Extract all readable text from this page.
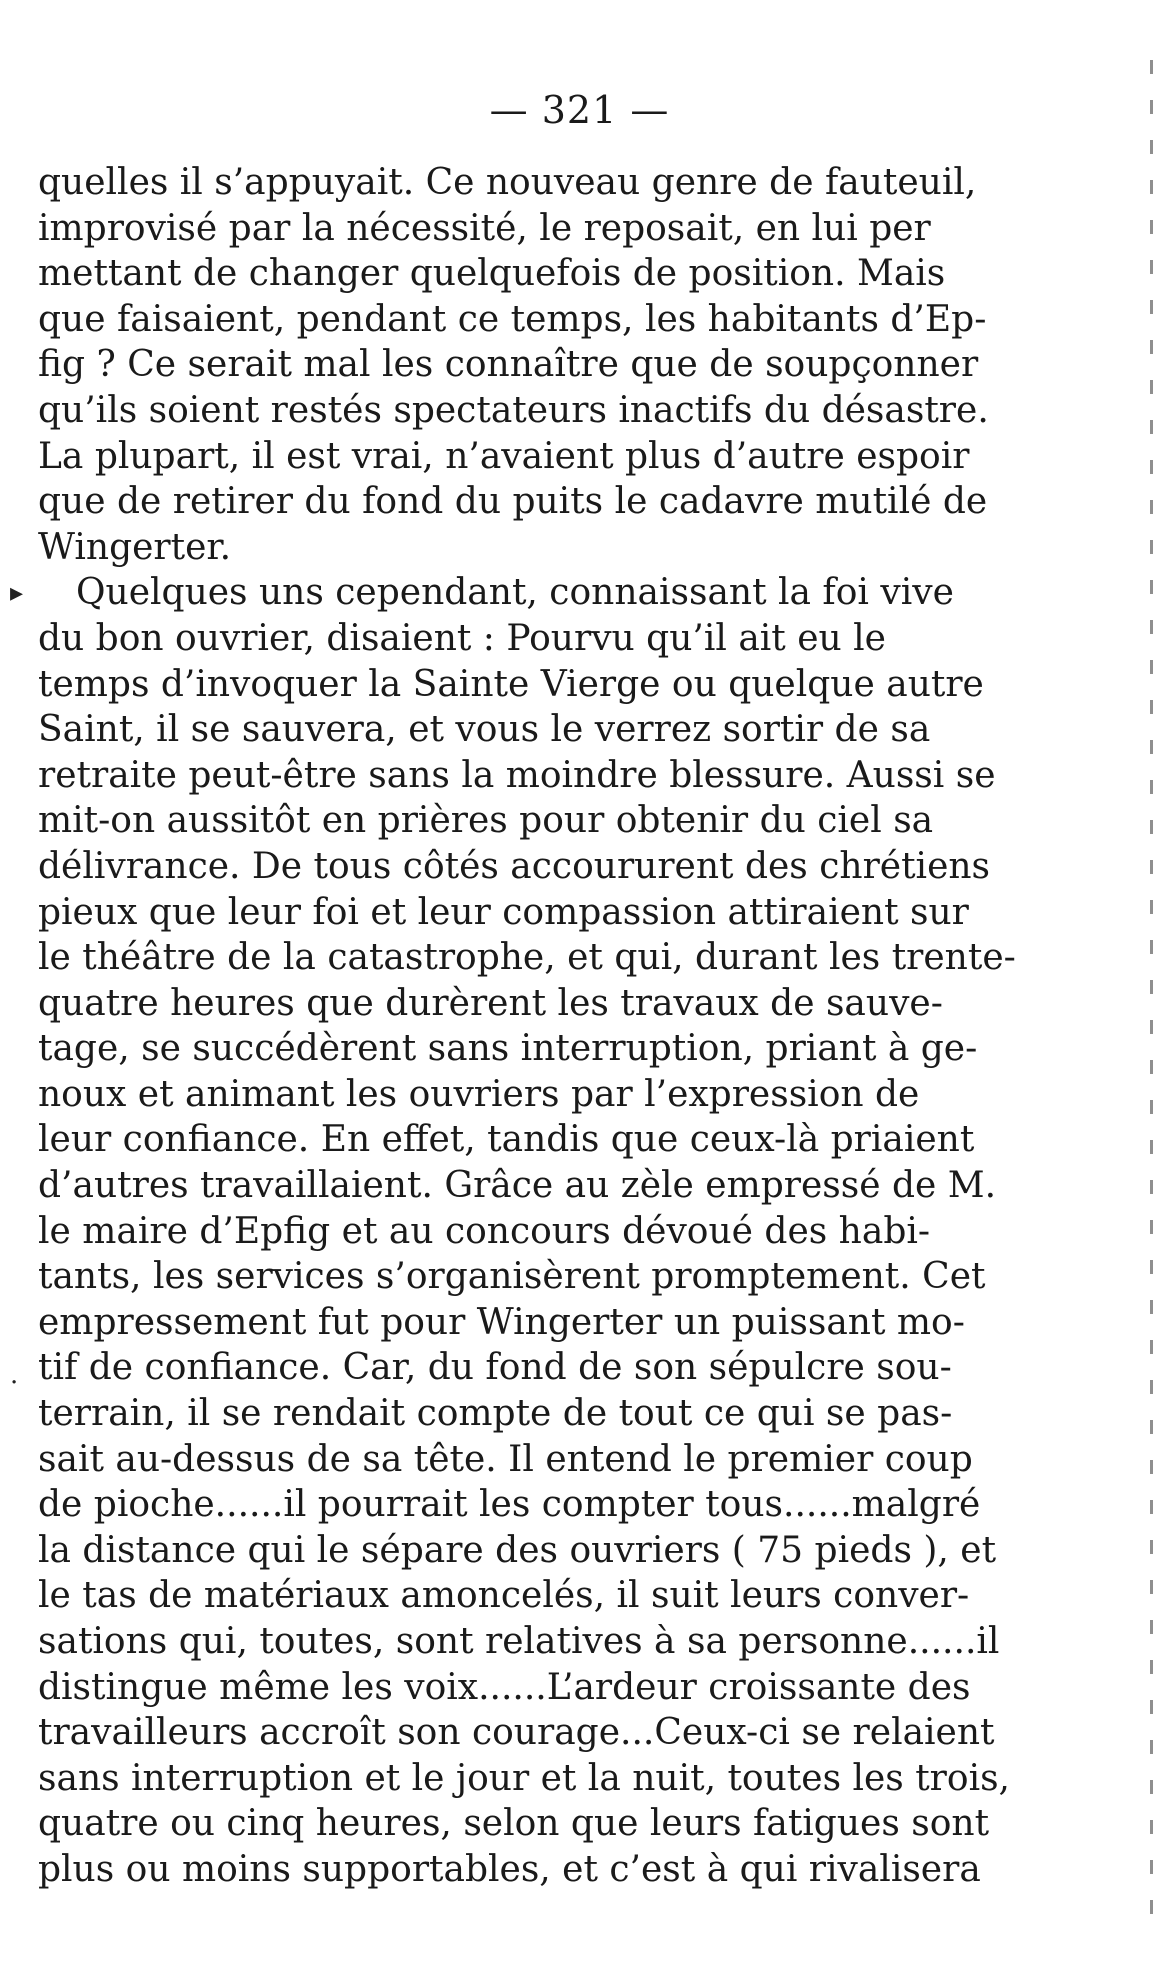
— 321 —
quelles il s’appuyait. Ce nouveau genre de fauteuil,
improvisé par la nécessité, le reposait, en lui per
mettant de changer quelquefois de position. Mais
que faisaient, pendant ce temps, les habitants d’Ep-
fig ? Ce serait mal les connaître que de soupçonner
qu’ils soient restés spectateurs inactifs du désastre.
La plupart, il est vrai, n’avaient plus d’autre espoir
que de retirer du fond du puits le cadavre mutilé de
Wingerter.
Quelques uns cependant, connaissant la foi vive
du bon ouvrier, disaient : Pourvu qu’il ait eu le
temps d’invoquer la Sainte Vierge ou quelque autre
Saint, il se sauvera, et vous le verrez sortir de sa
retraite peut-être sans la moindre blessure. Aussi se
mit-on aussitôt en prières pour obtenir du ciel sa
délivrance. De tous côtés accoururent des chrétiens
pieux que leur foi et leur compassion attiraient sur
le théâtre de la catastrophe, et qui, durant les trente-
quatre heures que durèrent les travaux de sauve-
tage, se succédèrent sans interruption, priant à ge-
noux et animant les ouvriers par l’expression de
leur confiance. En effet, tandis que ceux-là priaient
d’autres travaillaient. Grâce au zèle empressé de M.
le maire d’Epfig et au concours dévoué des habi-
tants, les services s’organisèrent promptement. Cet
empressement fut pour Wingerter un puissant mo-
tif de confiance. Car, du fond de son sépulcre sou-
terrain, il se rendait compte de tout ce qui se pas-
sait au-dessus de sa tête. Il entend le premier coup
de pioche......il pourrait les compter tous......malgré
la distance qui le sépare des ouvriers ( 75 pieds ), et
le tas de matériaux amoncelés, il suit leurs conver-
sations qui, toutes, sont relatives à sa personne......il
distingue même les voix......L’ardeur croissante des
travailleurs accroît son courage...Ceux-ci se relaient
sans interruption et le jour et la nuit, toutes les trois,
quatre ou cinq heures, selon que leurs fatigues sont
plus ou moins supportables, et c’est à qui rivalisera
▸
·
